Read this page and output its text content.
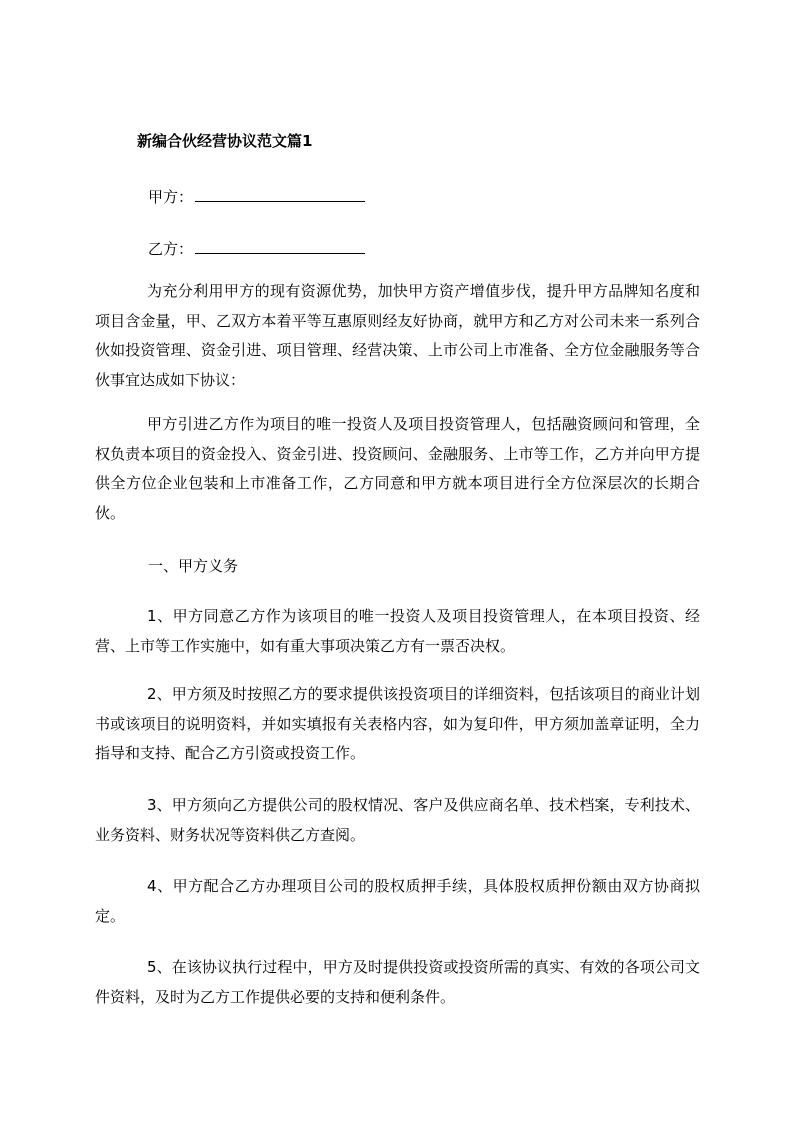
新编合伙经营协议范文篇1
甲方：
乙方：

为充分利用甲方的现有资源优势，加快甲方资产增值步伐，提升甲方品牌知名度和项目含金量，甲、乙双方本着平等互惠原则经友好协商，就甲方和乙方对公司未来一系列合伙如投资管理、资金引进、项目管理、经营决策、上市公司上市准备、全方位金融服务等合伙事宜达成如下协议：

甲方引进乙方作为项目的唯一投资人及项目投资管理人，包括融资顾问和管理，全权负责本项目的资金投入、资金引进、投资顾问、金融服务、上市等工作，乙方并向甲方提供全方位企业包装和上市准备工作，乙方同意和甲方就本项目进行全方位深层次的长期合伙。

一、甲方义务

1、甲方同意乙方作为该项目的唯一投资人及项目投资管理人，在本项目投资、经营、上市等工作实施中，如有重大事项决策乙方有一票否决权。

2、甲方须及时按照乙方的要求提供该投资项目的详细资料，包括该项目的商业计划书或该项目的说明资料，并如实填报有关表格内容，如为复印件，甲方须加盖章证明，全力指导和支持、配合乙方引资或投资工作。

3、甲方须向乙方提供公司的股权情况、客户及供应商名单、技术档案，专利技术、业务资料、财务状况等资料供乙方查阅。

4、甲方配合乙方办理项目公司的股权质押手续，具体股权质押份额由双方协商拟定。

5、在该协议执行过程中，甲方及时提供投资或投资所需的真实、有效的各项公司文件资料，及时为乙方工作提供必要的支持和便利条件。
